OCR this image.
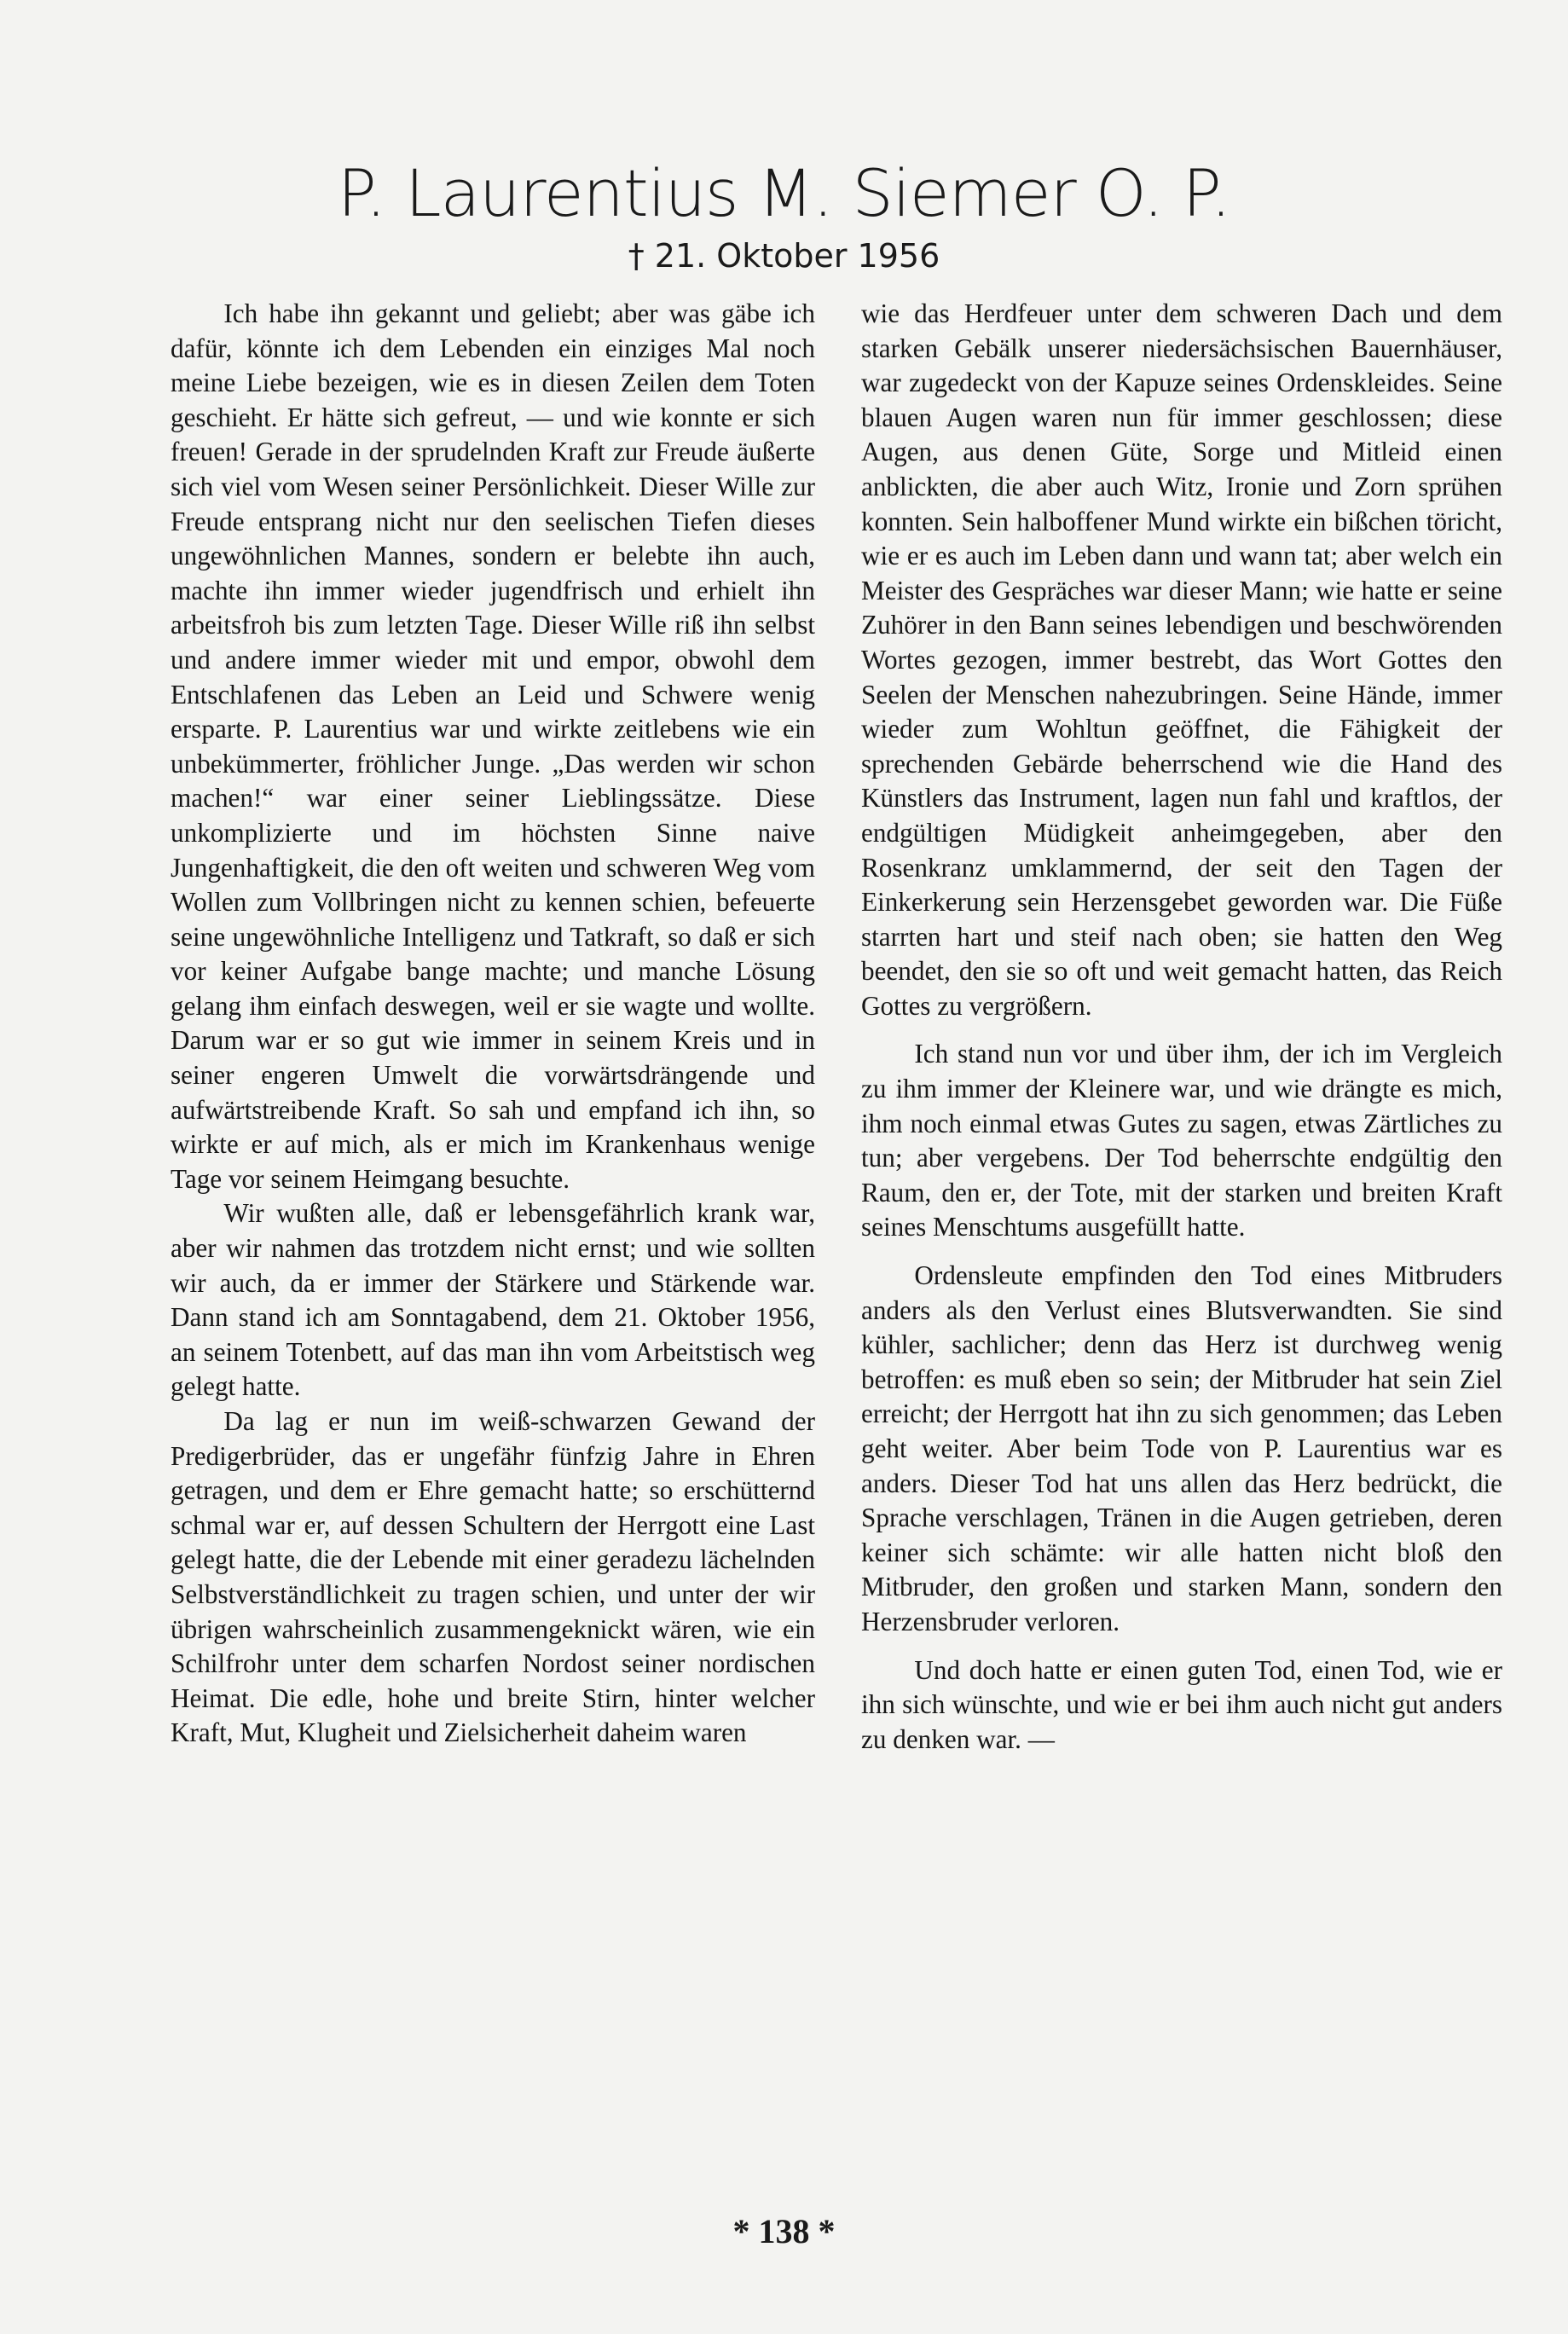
P. Laurentius M. Siemer O. P.
† 21. Oktober 1956

Ich habe ihn gekannt und geliebt; aber was gäbe ich dafür, könnte ich dem Lebenden ein einziges Mal noch meine Liebe bezeigen, wie es in diesen Zeilen dem Toten geschieht. Er hätte sich gefreut, — und wie konnte er sich freuen! Gerade in der sprudelnden Kraft zur Freude äußerte sich viel vom Wesen seiner Persönlichkeit. Dieser Wille zur Freude entsprang nicht nur den seelischen Tiefen dieses ungewöhnlichen Mannes, sondern er belebte ihn auch, machte ihn immer wieder jugendfrisch und erhielt ihn arbeitsfroh bis zum letzten Tage. Dieser Wille riß ihn selbst und andere immer wieder mit und empor, obwohl dem Entschlafenen das Leben an Leid und Schwere wenig ersparte. P. Laurentius war und wirkte zeitlebens wie ein unbekümmerter, fröhlicher Junge. „Das werden wir schon machen!“ war einer seiner Lieblingssätze. Diese unkomplizierte und im höchsten Sinne naive Jungenhaftigkeit, die den oft weiten und schweren Weg vom Wollen zum Vollbringen nicht zu kennen schien, befeuerte seine ungewöhnliche Intelligenz und Tatkraft, so daß er sich vor keiner Aufgabe bange machte; und manche Lösung gelang ihm einfach deswegen, weil er sie wagte und wollte. Darum war er so gut wie immer in seinem Kreis und in seiner engeren Umwelt die vorwärtsdrängende und aufwärtstreibende Kraft. So sah und empfand ich ihn, so wirkte er auf mich, als er mich im Krankenhaus wenige Tage vor seinem Heimgang besuchte.

Wir wußten alle, daß er lebensgefährlich krank war, aber wir nahmen das trotzdem nicht ernst; und wie sollten wir auch, da er immer der Stärkere und Stärkende war. Dann stand ich am Sonntagabend, dem 21. Oktober 1956, an seinem Totenbett, auf das man ihn vom Arbeitstisch weg gelegt hatte.

Da lag er nun im weiß-schwarzen Gewand der Predigerbrüder, das er ungefähr fünfzig Jahre in Ehren getragen, und dem er Ehre gemacht hatte; so erschütternd schmal war er, auf dessen Schultern der Herrgott eine Last gelegt hatte, die der Lebende mit einer geradezu lächelnden Selbstverständlichkeit zu tragen schien, und unter der wir übrigen wahrscheinlich zusammengeknickt wären, wie ein Schilfrohr unter dem scharfen Nordost seiner nordischen Heimat. Die edle, hohe und breite Stirn, hinter welcher Kraft, Mut, Klugheit und Zielsicherheit daheim waren

wie das Herdfeuer unter dem schweren Dach und dem starken Gebälk unserer niedersächsischen Bauernhäuser, war zugedeckt von der Kapuze seines Ordenskleides. Seine blauen Augen waren nun für immer geschlossen; diese Augen, aus denen Güte, Sorge und Mitleid einen anblickten, die aber auch Witz, Ironie und Zorn sprühen konnten. Sein halboffener Mund wirkte ein bißchen töricht, wie er es auch im Leben dann und wann tat; aber welch ein Meister des Gespräches war dieser Mann; wie hatte er seine Zuhörer in den Bann seines lebendigen und beschwörenden Wortes gezogen, immer bestrebt, das Wort Gottes den Seelen der Menschen nahezubringen. Seine Hände, immer wieder zum Wohltun geöffnet, die Fähigkeit der sprechenden Gebärde beherrschend wie die Hand des Künstlers das Instrument, lagen nun fahl und kraftlos, der endgültigen Müdigkeit anheimgegeben, aber den Rosenkranz umklammernd, der seit den Tagen der Einkerkerung sein Herzensgebet geworden war. Die Füße starrten hart und steif nach oben; sie hatten den Weg beendet, den sie so oft und weit gemacht hatten, das Reich Gottes zu vergrößern.

Ich stand nun vor und über ihm, der ich im Vergleich zu ihm immer der Kleinere war, und wie drängte es mich, ihm noch einmal etwas Gutes zu sagen, etwas Zärtliches zu tun; aber vergebens. Der Tod beherrschte endgültig den Raum, den er, der Tote, mit der starken und breiten Kraft seines Menschtums ausgefüllt hatte.

Ordensleute empfinden den Tod eines Mitbruders anders als den Verlust eines Blutsverwandten. Sie sind kühler, sachlicher; denn das Herz ist durchweg wenig betroffen: es muß eben so sein; der Mitbruder hat sein Ziel erreicht; der Herrgott hat ihn zu sich genommen; das Leben geht weiter. Aber beim Tode von P. Laurentius war es anders. Dieser Tod hat uns allen das Herz bedrückt, die Sprache verschlagen, Tränen in die Augen getrieben, deren keiner sich schämte: wir alle hatten nicht bloß den Mitbruder, den großen und starken Mann, sondern den Herzensbruder verloren.

Und doch hatte er einen guten Tod, einen Tod, wie er ihn sich wünschte, und wie er bei ihm auch nicht gut anders zu denken war. —

* 138 *
